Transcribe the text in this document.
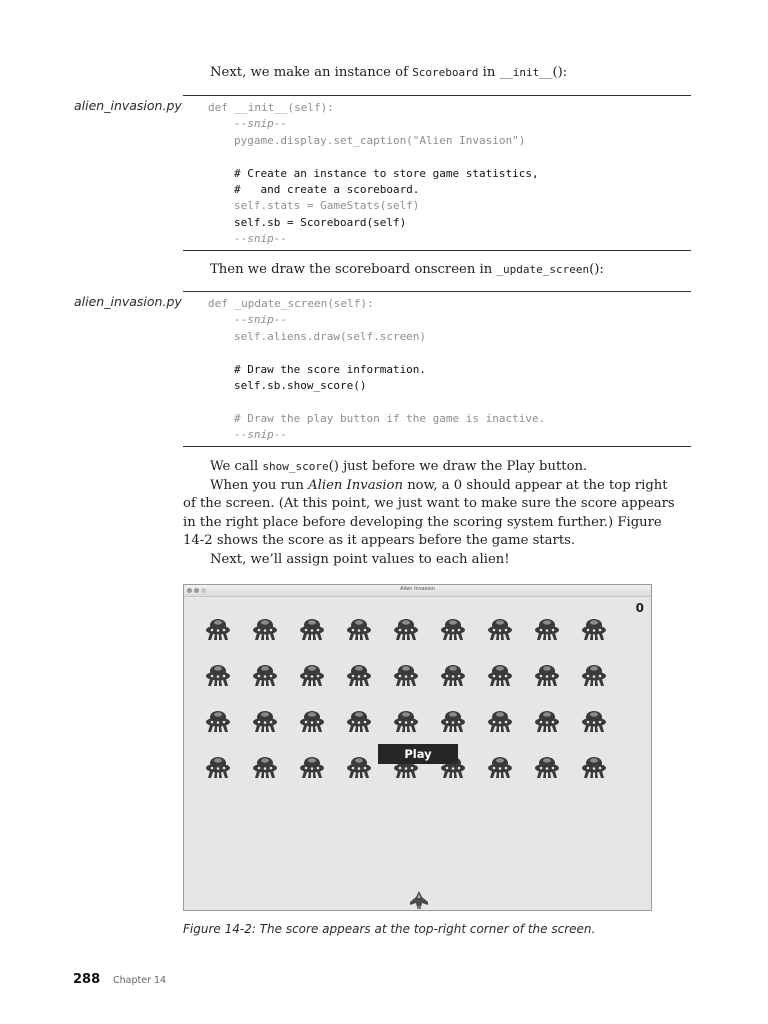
Next, we make an instance of Scoreboard in __init__():
alien_invasion.py def __init__(self):
--snip--
pygame.display.set_caption("Alien Invasion")
# Create an instance to store game statistics,
#   and create a scoreboard.
self.stats = GameStats(self)
self.sb = Scoreboard(self)
--snip--
Then we draw the scoreboard onscreen in _update_screen():
alien_invasion.py def _update_screen(self):
--snip--
self.aliens.draw(self.screen)
# Draw the score information.
self.sb.show_score()
# Draw the play button if the game is inactive.
--snip--
We call show_score() just before we draw the Play button.
When you run Alien Invasion now, a 0 should appear at the top right of the screen. (At this point, we just want to make sure the score appears in the right place before developing the scoring system further.) Figure 14-2 shows the score as it appears before the game starts.
Next, we’ll assign point values to each alien!
Alien Invasion
0
Play
Figure 14-2: The score appears at the top-right corner of the screen.
288 Chapter 14
